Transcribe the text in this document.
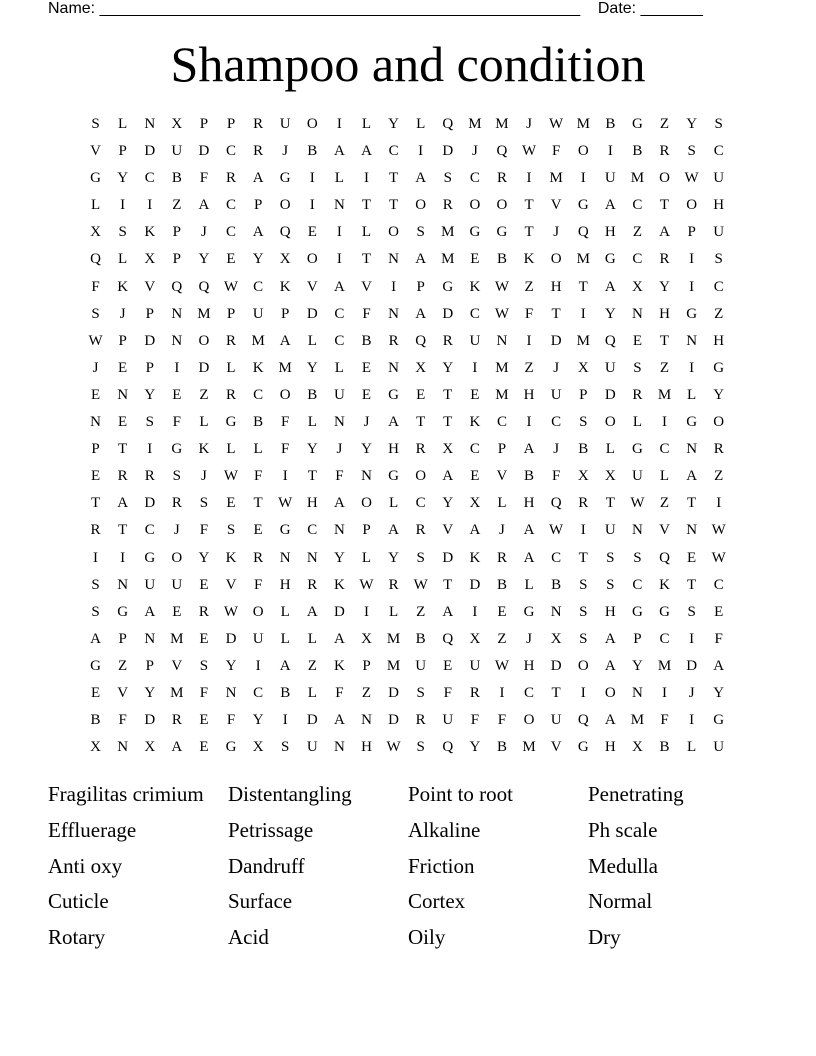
Name: ______________________________________________________ Date: _______
Shampoo and condition
S	L	N	X	P	P	R	U	O	I	L	Y	L	Q	M M	J	W M	B	G	Z	Y	S
V	P	D	U	D	C	R	J	B	A	A	C	I	D	J	Q W	F	O	I	B	R	S	C
G	Y	C	B	F	R	A	G	I	L	I	T	A	S	C	R	I	M	I	U	M	O W U
L	I	I	Z	A	C	P	O	I	N	T	T	O	R	O	O	T	V	G	A	C	T	O	H
X	S	K	P	J	C	A	Q	E	I	L	O	S	M	G	G	T	J	Q	H	Z	A	P	U
Q	L	X	P	Y	E	Y	X	O	I	T	N	A	M	E	B	K	O	M	G	C	R	I	S
F	K	V	Q	Q W	C	K	V	A	V	I	P	G	K W	Z	H	T	A	X	Y	I	C
S	J	P	N	M	P	U	P	D	C	F	N	A	D	C	W	F	T	I	Y	N	H	G	Z
W	P	D	N	O	R	M	A	L	C	B	R	Q	R	U	N	I	D	M	Q	E	T	N	H
J	E	P	I	D	L	K	M	Y	L	E	N	X	Y	I	M	Z	J	X	U	S	Z	I	G
E	N	Y	E	Z	R	C	O	B	U	E	G	E	T	E	M	H	U	P	D	R	M	L	Y
N	E	S	F	L	G	B	F	L	N	J	A	T	T	K	C	I	C	S	O	L	I	G	O
P	T	I	G	K	L	L	F	Y	J	Y	H	R	X	C	P	A	J	B	L	G	C	N	R
E	R	R	S	J	W	F	I	T	F	N	G	O	A	E	V	B	F	X	X	U	L	A	Z
T	A	D	R	S	E	T	W H	A	O	L	C	Y	X	L	H	Q	R	T	W	Z	T	I
R	T	C	J	F	S	E	G	C	N	P	A	R	V	A	J	A W	I	U	N	V	N W
I	I	G	O	Y	K	R	N	N	Y	L	Y	S	D	K	R	A	C	T	S	S	Q	E	W
S	N	U	U	E	V	F	H	R	K W	R	W	T	D	B	L	B	S	S	C	K	T	C
S	G	A	E	R	W O	L	A	D	I	L	Z	A	I	E	G	N	S	H	G	G	S	E
A	P	N	M	E	D	U	L	L	A	X	M	B	Q	X	Z	J	X	S	A	P	C	I	F
G	Z	P	V	S	Y	I	A	Z	K	P	M	U	E	U W H	D	O	A	Y	M	D	A
E	V	Y	M	F	N	C	B	L	F	Z	D	S	F	R	I	C	T	I	O	N	I	J	Y
B	F	D	R	E	F	Y	I	D	A	N	D	R	U	F	F	O	U	Q	A	M	F	I	G
X	N	X	A	E	G	X	S	U	N	H W	S	Q	Y	B	M	V	G	H	X	B	L	U
Fragilitas crimium	Distentangling	Point to root	Penetrating
Effluerage	Petrissage	Alkaline	Ph scale
Anti oxy	Dandruff	Friction	Medulla
Cuticle	Surface	Cortex	Normal
Rotary	Acid	Oily	Dry
